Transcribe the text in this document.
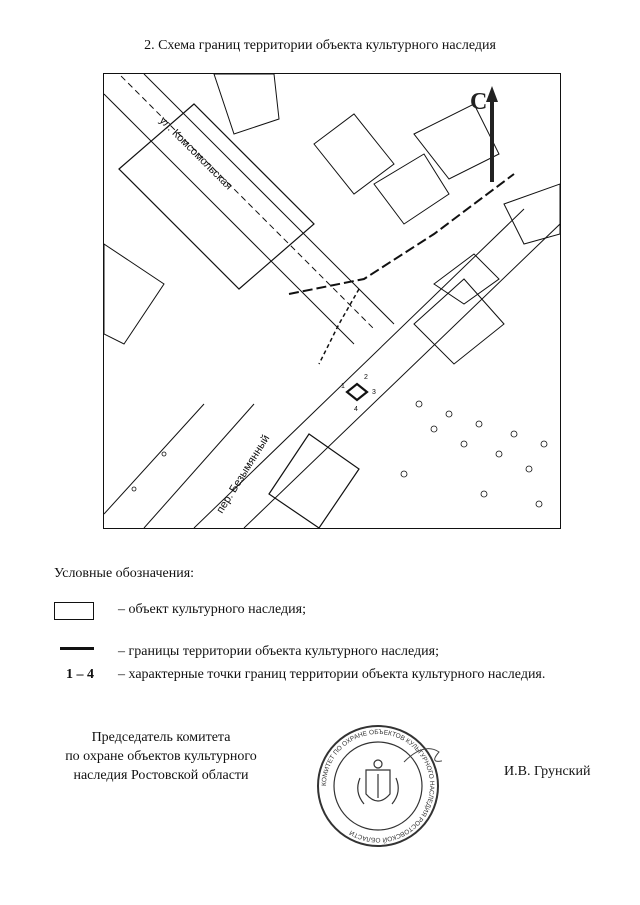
2. Схема границ территории объекта культурного наследия
С
ул. Комсомольская
пер. Безымянный
1
2
3
4
Условные обозначения:
– объект культурного наследия;
– границы территории объекта культурного наследия;
1 – 4 – характерные точки границ территории объекта культурного наследия.
Председатель комитета
по охране объектов культурного
наследия Ростовской области
КОМИТЕТ ПО ОХРАНЕ ОБЪЕКТОВ КУЛЬТУРНОГО НАСЛЕДИЯ РОСТОВСКОЙ ОБЛАСТИ
И.В. Грунский
